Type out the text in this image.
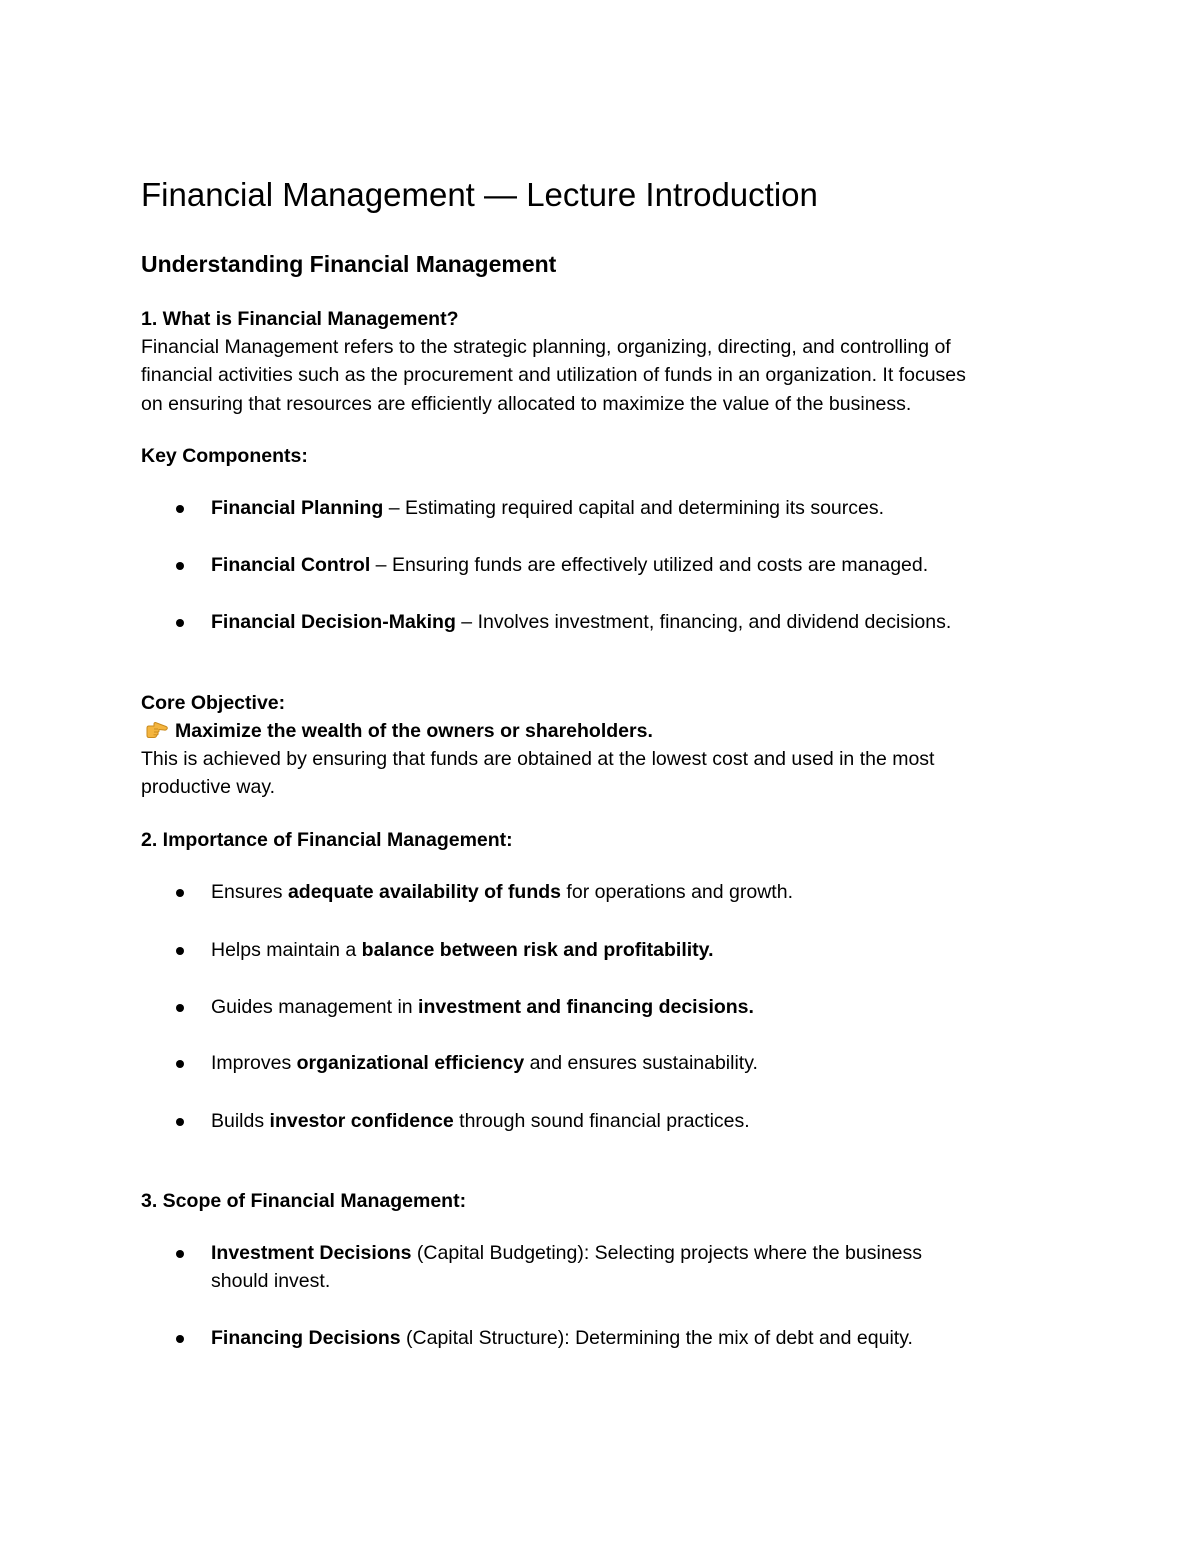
Financial Management — Lecture Introduction
Understanding Financial Management
1. What is Financial Management?
Financial Management refers to the strategic planning, organizing, directing, and controlling of
financial activities such as the procurement and utilization of funds in an organization. It focuses
on ensuring that resources are efficiently allocated to maximize the value of the business.
Key Components:
Financial Planning – Estimating required capital and determining its sources.
Financial Control – Ensuring funds are effectively utilized and costs are managed.
Financial Decision-Making – Involves investment, financing, and dividend decisions.
Core Objective:
Maximize the wealth of the owners or shareholders.
This is achieved by ensuring that funds are obtained at the lowest cost and used in the most
productive way.
2. Importance of Financial Management:
Ensures adequate availability of funds for operations and growth.
Helps maintain a balance between risk and profitability.
Guides management in investment and financing decisions.
Improves organizational efficiency and ensures sustainability.
Builds investor confidence through sound financial practices.
3. Scope of Financial Management:
Investment Decisions (Capital Budgeting): Selecting projects where the business
should invest.
Financing Decisions (Capital Structure): Determining the mix of debt and equity.
